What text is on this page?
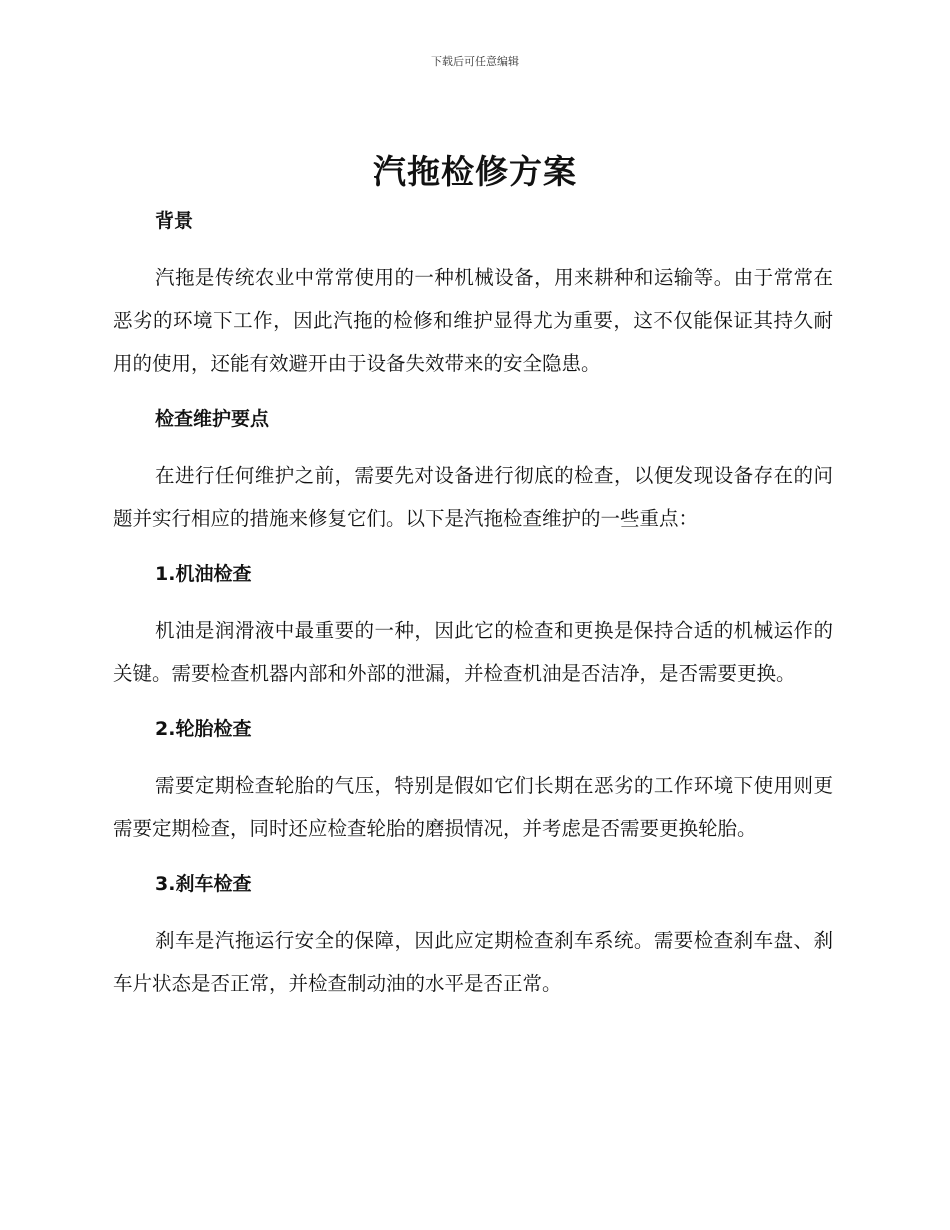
下载后可任意编辑
汽拖检修方案
背景

汽拖是传统农业中常常使用的一种机械设备，用来耕种和运输等。由于常常在恶劣的环境下工作，因此汽拖的检修和维护显得尤为重要，这不仅能保证其持久耐用的使用，还能有效避开由于设备失效带来的安全隐患。

检查维护要点

在进行任何维护之前，需要先对设备进行彻底的检查，以便发现设备存在的问题并实行相应的措施来修复它们。以下是汽拖检查维护的一些重点：

1.机油检查

机油是润滑液中最重要的一种，因此它的检查和更换是保持合适的机械运作的关键。需要检查机器内部和外部的泄漏，并检查机油是否洁净，是否需要更换。

2.轮胎检查

需要定期检查轮胎的气压，特别是假如它们长期在恶劣的工作环境下使用则更需要定期检查，同时还应检查轮胎的磨损情况，并考虑是否需要更换轮胎。

3.刹车检查

刹车是汽拖运行安全的保障，因此应定期检查刹车系统。需要检查刹车盘、刹车片状态是否正常，并检查制动油的水平是否正常。
